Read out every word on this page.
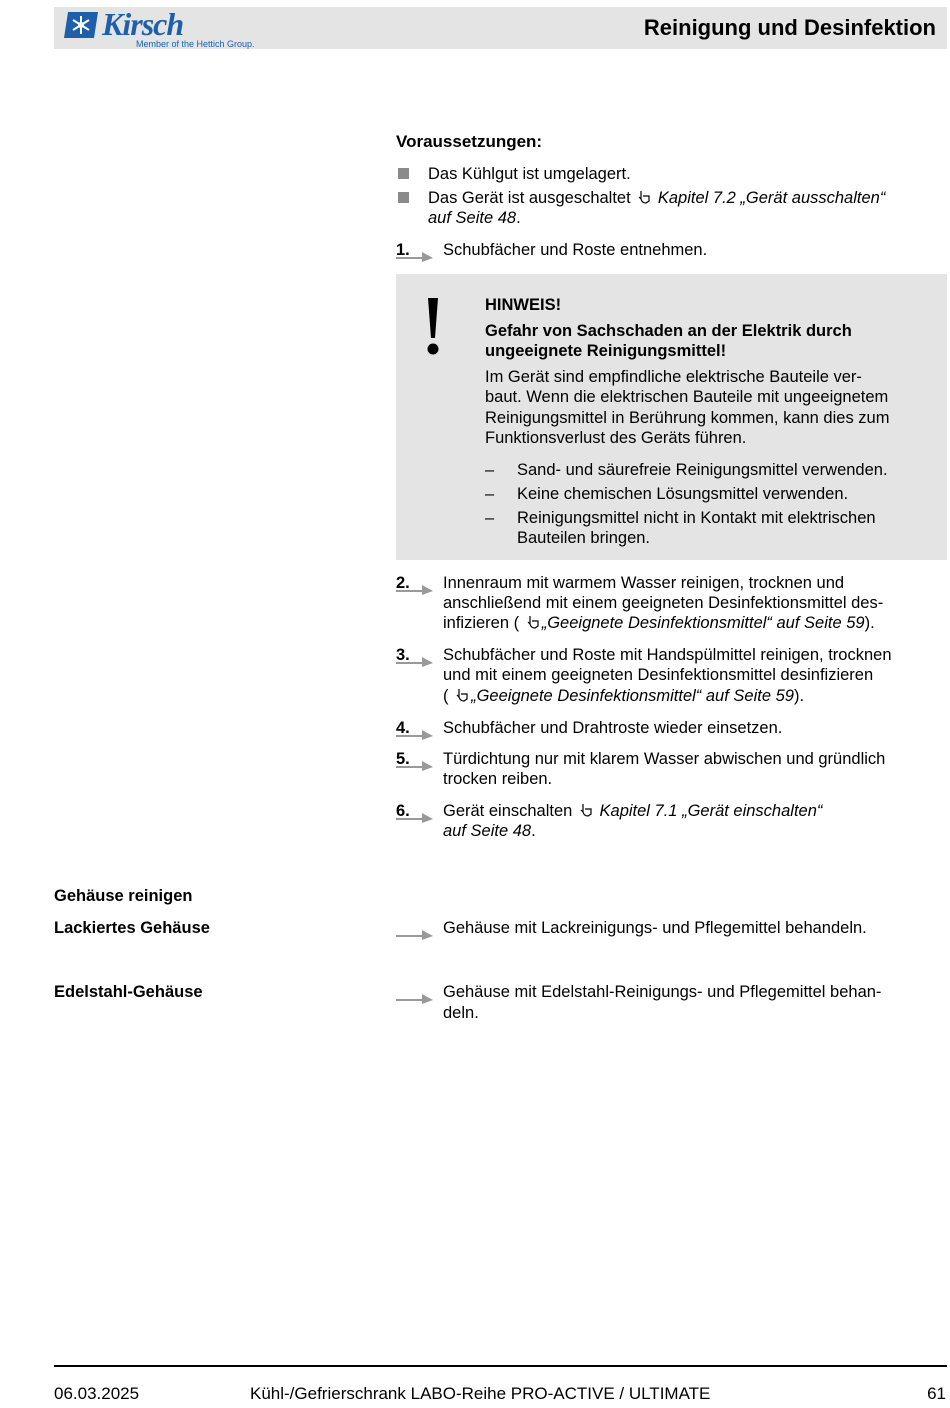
Kirsch
Member of the Hettich Group.
Reinigung und Desinfektion
Voraussetzungen:
Das Kühlgut ist umgelagert.
Das Gerät ist ausgeschaltet Kapitel 7.2 „Gerät ausschalten“
auf Seite 48.
1. Schubfächer und Roste entnehmen.
HINWEIS!
Gefahr von Sachschaden an der Elektrik durch
ungeeignete Reinigungsmittel!
Im Gerät sind empfindliche elektrische Bauteile ver-
baut. Wenn die elektrischen Bauteile mit ungeeignetem
Reinigungsmittel in Berührung kommen, kann dies zum
Funktionsverlust des Geräts führen.
– Sand- und säurefreie Reinigungsmittel verwenden.
– Keine chemischen Lösungsmittel verwenden.
– Reinigungsmittel nicht in Kontakt mit elektrischen
Bauteilen bringen.
2. Innenraum mit warmem Wasser reinigen, trocknen und
anschließend mit einem geeigneten Desinfektionsmittel des-
infizieren ( „Geeignete Desinfektionsmittel“ auf Seite 59).
3. Schubfächer und Roste mit Handspülmittel reinigen, trocknen
und mit einem geeigneten Desinfektionsmittel desinfizieren
( „Geeignete Desinfektionsmittel“ auf Seite 59).
4. Schubfächer und Drahtroste wieder einsetzen.
5. Türdichtung nur mit klarem Wasser abwischen und gründlich
trocken reiben.
6. Gerät einschalten Kapitel 7.1 „Gerät einschalten“
auf Seite 48.
Gehäuse reinigen
Lackiertes Gehäuse	Gehäuse mit Lackreinigungs- und Pflegemittel behandeln.
Edelstahl-Gehäuse	Gehäuse mit Edelstahl-Reinigungs- und Pflegemittel behan-
deln.
06.03.2025	Kühl-/Gefrierschrank LABO-Reihe PRO-ACTIVE / ULTIMATE	61
